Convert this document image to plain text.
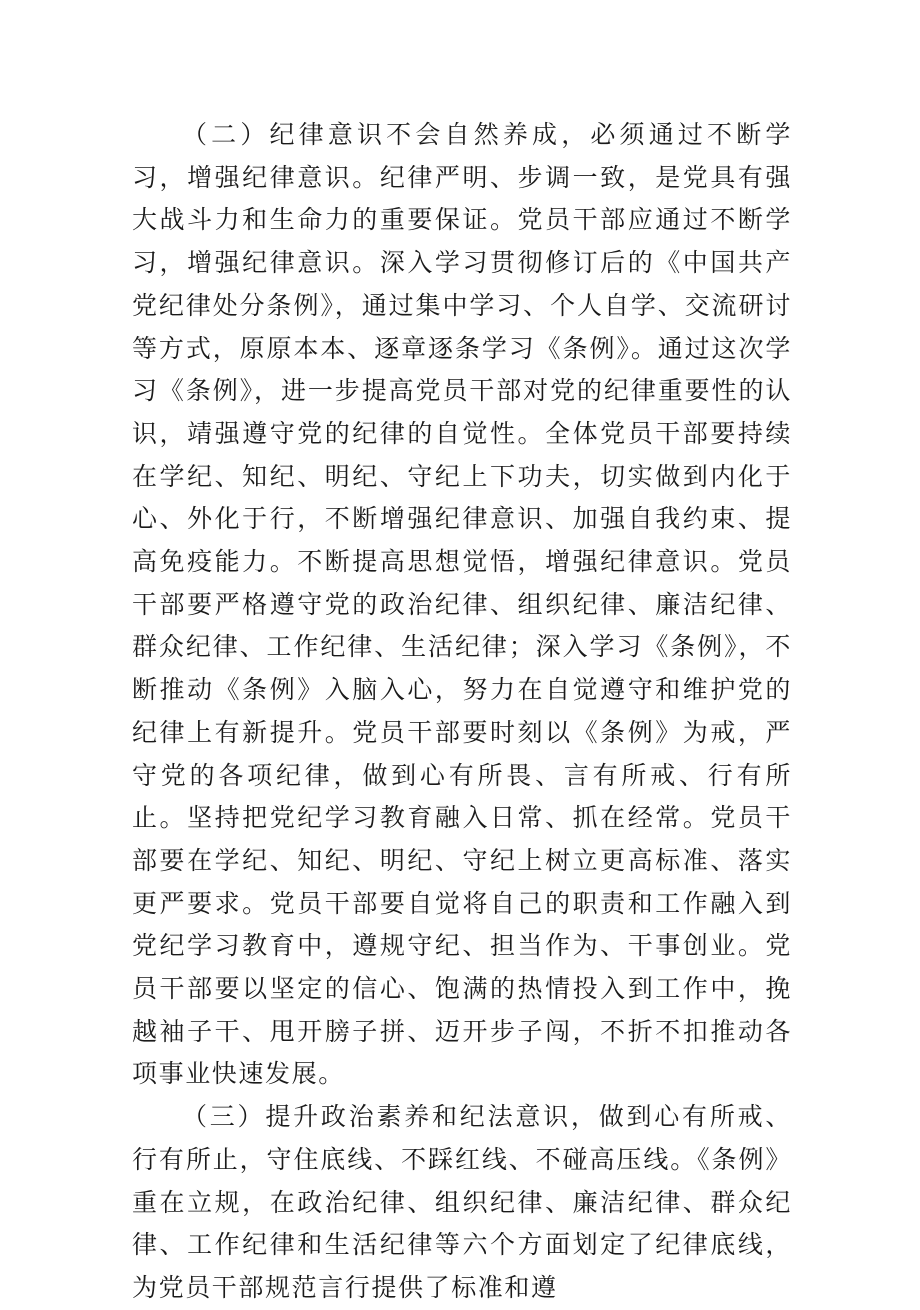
（二）纪律意识不会自然养成，必须通过不断学习，增强纪律意识。纪律严明、步调一致，是党具有强大战斗力和生命力的重要保证。党员干部应通过不断学习，增强纪律意识。深入学习贯彻修订后的《中国共产党纪律处分条例》，通过集中学习、个人自学、交流研讨等方式，原原本本、逐章逐条学习《条例》。通过这次学习《条例》，进一步提高党员干部对党的纪律重要性的认识，靖强遵守党的纪律的自觉性。全体党员干部要持续在学纪、知纪、明纪、守纪上下功夫，切实做到内化于心、外化于行，不断增强纪律意识、加强自我约束、提高免疫能力。不断提高思想觉悟，增强纪律意识。党员干部要严格遵守党的政治纪律、组织纪律、廉洁纪律、群众纪律、工作纪律、生活纪律；深入学习《条例》，不断推动《条例》入脑入心，努力在自觉遵守和维护党的纪律上有新提升。党员干部要时刻以《条例》为戒，严守党的各项纪律，做到心有所畏、言有所戒、行有所止。坚持把党纪学习教育融入日常、抓在经常。党员干部要在学纪、知纪、明纪、守纪上树立更高标准、落实更严要求。党员干部要自觉将自己的职责和工作融入到党纪学习教育中，遵规守纪、担当作为、干事创业。党员干部要以坚定的信心、饱满的热情投入到工作中，挽越袖子干、甩开膀子拼、迈开步子闯，不折不扣推动各项事业快速发展。

（三）提升政治素养和纪法意识，做到心有所戒、行有所止，守住底线、不踩红线、不碰高压线。《条例》重在立规，在政治纪律、组织纪律、廉洁纪律、群众纪律、工作纪律和生活纪律等六个方面划定了纪律底线，为党员干部规范言行提供了标准和遵
